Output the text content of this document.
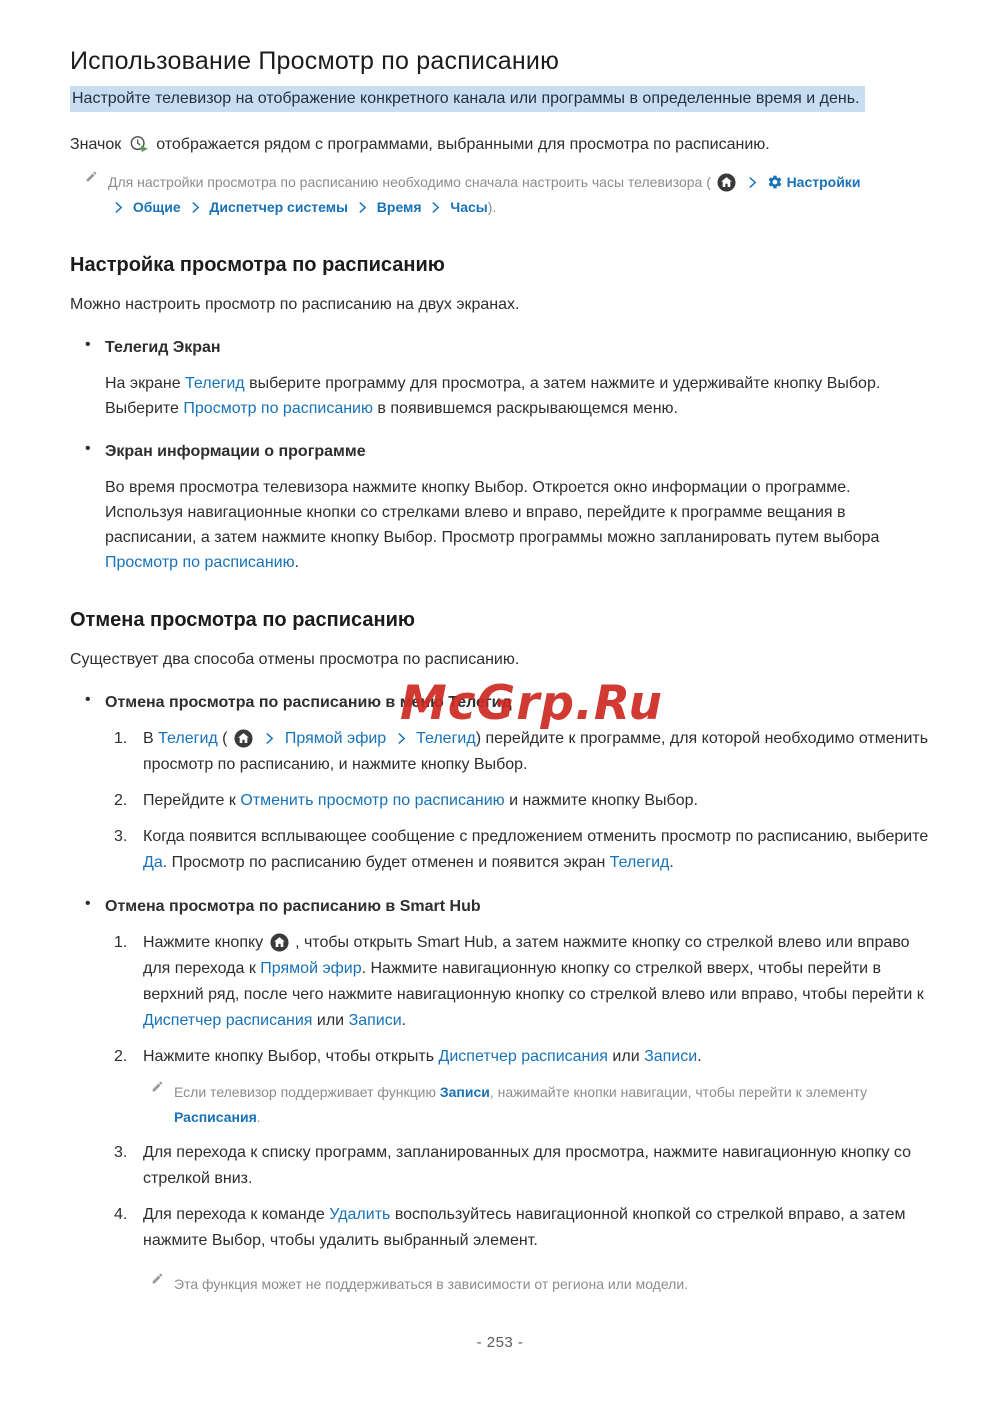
Использование Просмотр по расписанию
Настройте телевизор на отображение конкретного канала или программы в определенные время и день.

Значок отображается рядом с программами, выбранными для просмотра по расписанию.

Для настройки просмотра по расписанию необходимо сначала настроить часы телевизора (	Настройки
Общие Диспетчер системы Время Часы).
Настройка просмотра по расписанию

Можно настроить просмотр по расписанию на двух экранах.

• Телегид Экран

На экране Телегид выберите программу для просмотра, а затем нажмите и удерживайте кнопку Выбор. Выберите Просмотр по расписанию в появившемся раскрывающемся меню.

• Экран информации о программе

Во время просмотра телевизора нажмите кнопку Выбор. Откроется окно информации о программе. Используя навигационные кнопки со стрелками влево и вправо, перейдите к программе вещания в расписании, а затем нажмите кнопку Выбор. Просмотр программы можно запланировать путем выбора Просмотр по расписанию.

Отмена просмотра по расписанию

Существует два способа отмены просмотра по расписанию.

• Отмена просмотра по расписанию в меню Телегид
В Телегид (	Прямой эфир Телегид) перейдите к программе, для которой необходимо отменить просмотр по расписанию, и нажмите кнопку Выбор.
Перейдите к Отменить просмотр по расписанию и нажмите кнопку Выбор.
Когда появится всплывающее сообщение с предложением отменить просмотр по расписанию, выберите Да. Просмотр по расписанию будет отменен и появится экран Телегид.
• Отмена просмотра по расписанию в Smart Hub
Нажмите кнопку  , чтобы открыть Smart Hub, а затем нажмите кнопку со стрелкой влево или вправо для перехода к Прямой эфир. Нажмите навигационную кнопку со стрелкой вверх, чтобы перейти в верхний ряд, после чего нажмите навигационную кнопку со стрелкой влево или вправо, чтобы перейти к Диспетчер расписания или Записи.
Нажмите кнопку Выбор, чтобы открыть Диспетчер расписания или Записи.
Если телевизор поддерживает функцию Записи, нажимайте кнопки навигации, чтобы перейти к элементу Расписания.
Для перехода к списку программ, запланированных для просмотра, нажмите навигационную кнопку со стрелкой вниз.
Для перехода к команде Удалить воспользуйтесь навигационной кнопкой со стрелкой вправо, а затем нажмите Выбор, чтобы удалить выбранный элемент.
Эта функция может не поддерживаться в зависимости от региона или модели.
McGrp.Ru
- 253 -
